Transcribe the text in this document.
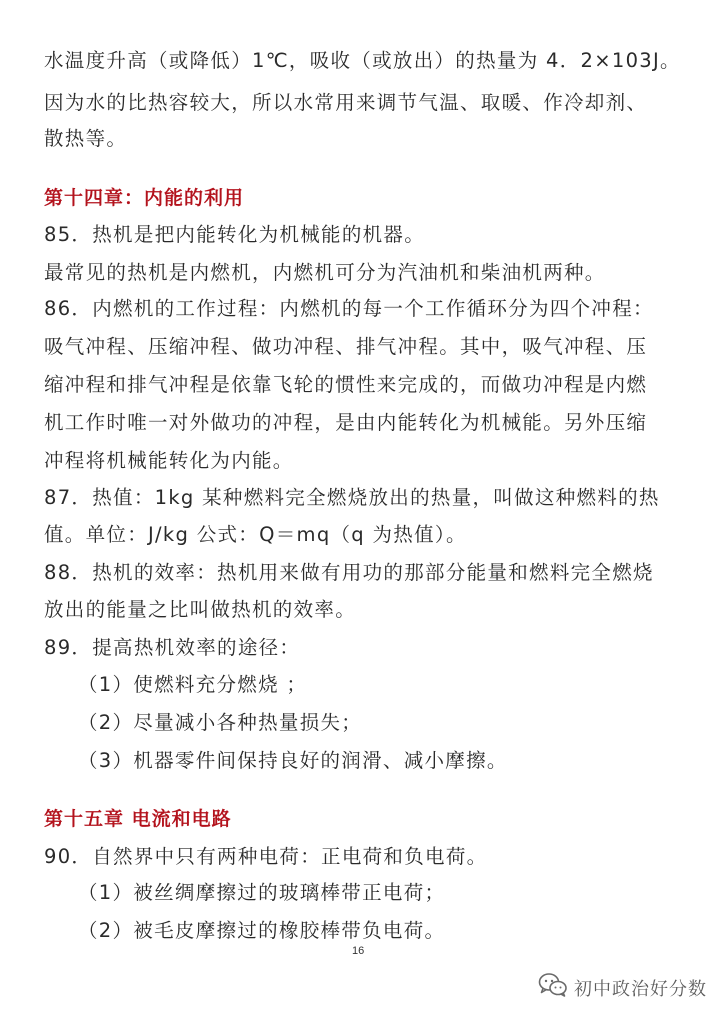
水温度升高（或降低）1℃，吸收（或放出）的热量为 4．2×103J。
因为水的比热容较大，所以水常用来调节气温、取暖、作冷却剂、
散热等。
第十四章：内能的利用
85．热机是把内能转化为机械能的机器。
最常见的热机是内燃机，内燃机可分为汽油机和柴油机两种。
86．内燃机的工作过程：内燃机的每一个工作循环分为四个冲程：
吸气冲程、压缩冲程、做功冲程、排气冲程。其中，吸气冲程、压
缩冲程和排气冲程是依靠飞轮的惯性来完成的，而做功冲程是内燃
机工作时唯一对外做功的冲程，是由内能转化为机械能。另外压缩
冲程将机械能转化为内能。
87．热值：1kg 某种燃料完全燃烧放出的热量，叫做这种燃料的热
值。单位：J/kg 公式：Q＝mq（q 为热值）。
88．热机的效率：热机用来做有用功的那部分能量和燃料完全燃烧
放出的能量之比叫做热机的效率。
89．提高热机效率的途径：
（1）使燃料充分燃烧 ；
（2）尽量减小各种热量损失；
（3）机器零件间保持良好的润滑、减小摩擦。
第十五章 电流和电路
90．自然界中只有两种电荷：正电荷和负电荷。
（1）被丝绸摩擦过的玻璃棒带正电荷；
（2）被毛皮摩擦过的橡胶棒带负电荷。
16
初中政治好分数
